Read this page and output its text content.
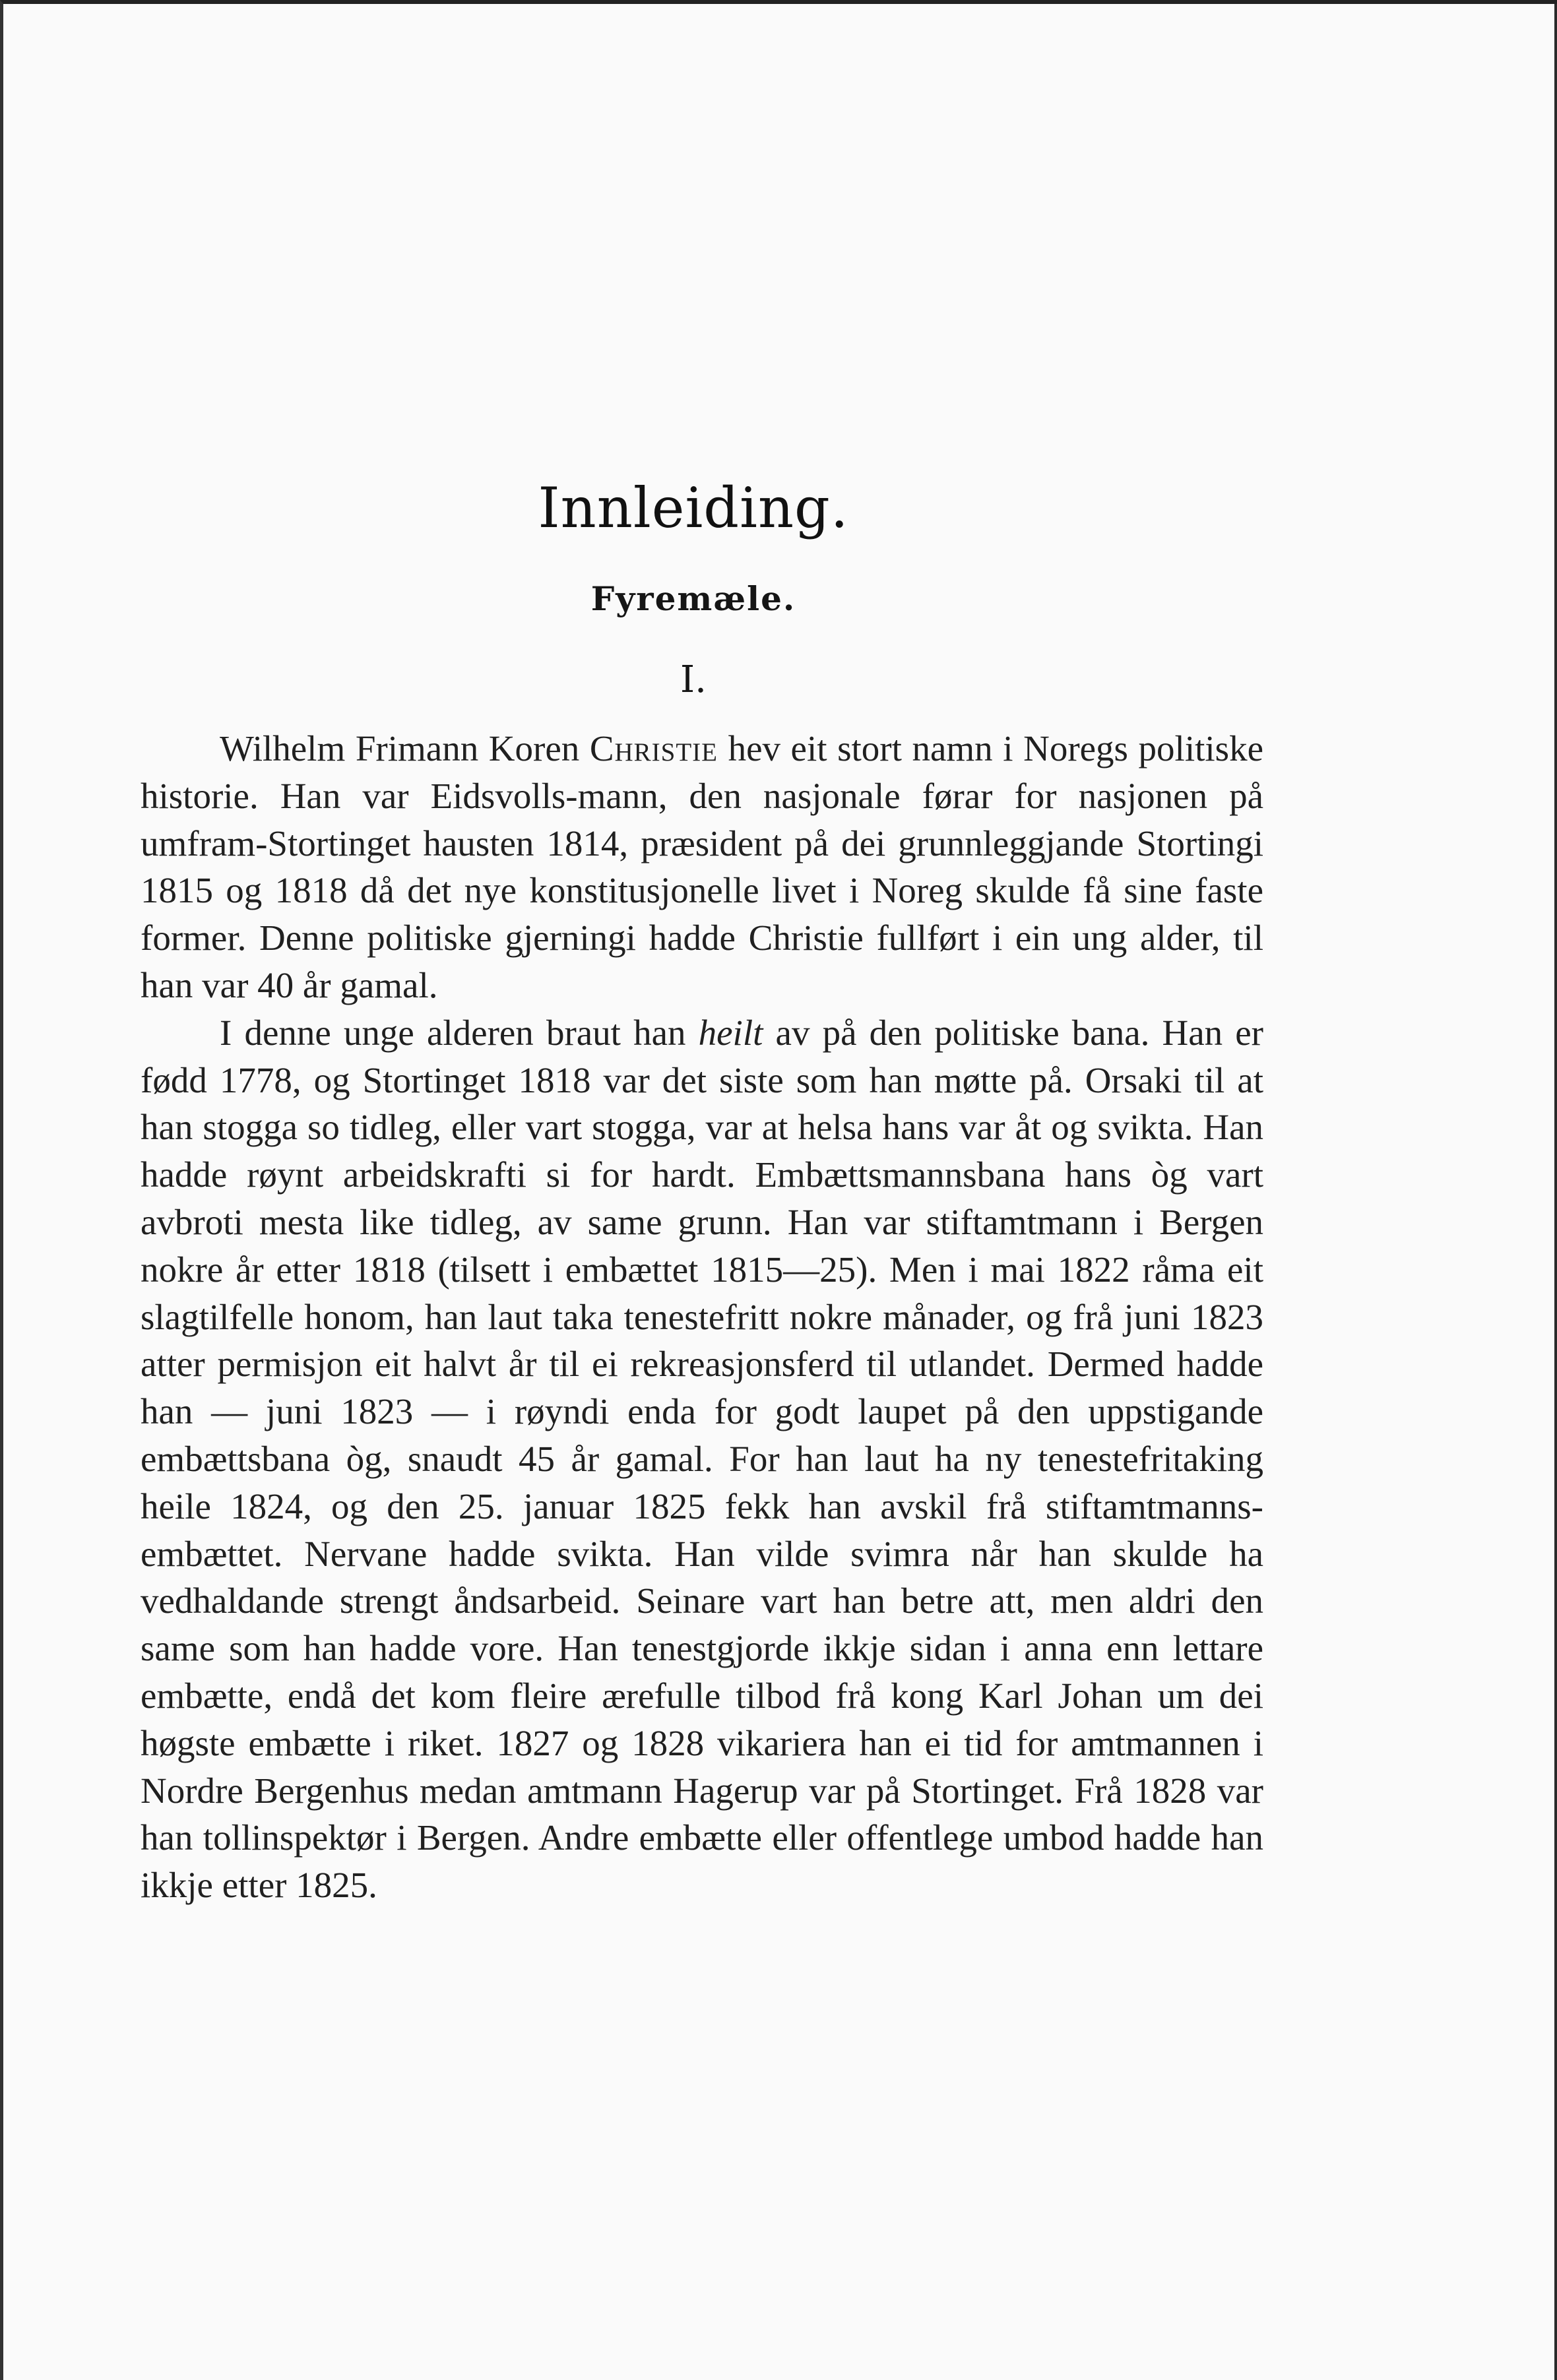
Innleiding.
Fyremæle.
I.

Wilhelm Frimann Koren Christie hev eit stort namn i Noregs politiske historie. Han var Eidsvolls-mann, den nasjonale førar for nasjonen på umfram-Stortinget hausten 1814, præsident på dei grunnleggjande Stortingi 1815 og 1818 då det nye konstitusjonelle livet i Noreg skulde få sine faste former. Denne politiske gjerningi hadde Christie fullført i ein ung alder, til han var 40 år gamal.

I denne unge alderen braut han heilt av på den politiske bana. Han er fødd 1778, og Stortinget 1818 var det siste som han møtte på. Orsaki til at han stogga so tidleg, eller vart stogga, var at helsa hans var åt og svikta. Han hadde røynt arbeidskrafti si for hardt. Embættsmannsbana hans òg vart avbroti mesta like tidleg, av same grunn. Han var stiftamtmann i Bergen nokre år etter 1818 (tilsett i embættet 1815—25). Men i mai 1822 råma eit slagtilfelle honom, han laut taka tenestefritt nokre månader, og frå juni 1823 atter permisjon eit halvt år til ei rekreasjonsferd til utlandet. Dermed hadde han — juni 1823 — i røyndi enda for godt laupet på den uppstigande embættsbana òg, snaudt 45 år gamal. For han laut ha ny tenestefritaking heile 1824, og den 25. januar 1825 fekk han avskil frå stiftamtmanns-embættet. Nervane hadde svikta. Han vilde svimra når han skulde ha vedhaldande strengt åndsarbeid. Seinare vart han betre att, men aldri den same som han hadde vore. Han tenestgjorde ikkje sidan i anna enn lettare embætte, endå det kom fleire ærefulle tilbod frå kong Karl Johan um dei høgste embætte i riket. 1827 og 1828 vikariera han ei tid for amtmannen i Nordre Bergenhus medan amtmann Hagerup var på Stortinget. Frå 1828 var han tollinspektør i Bergen. Andre embætte eller offentlege umbod hadde han ikkje etter 1825.
